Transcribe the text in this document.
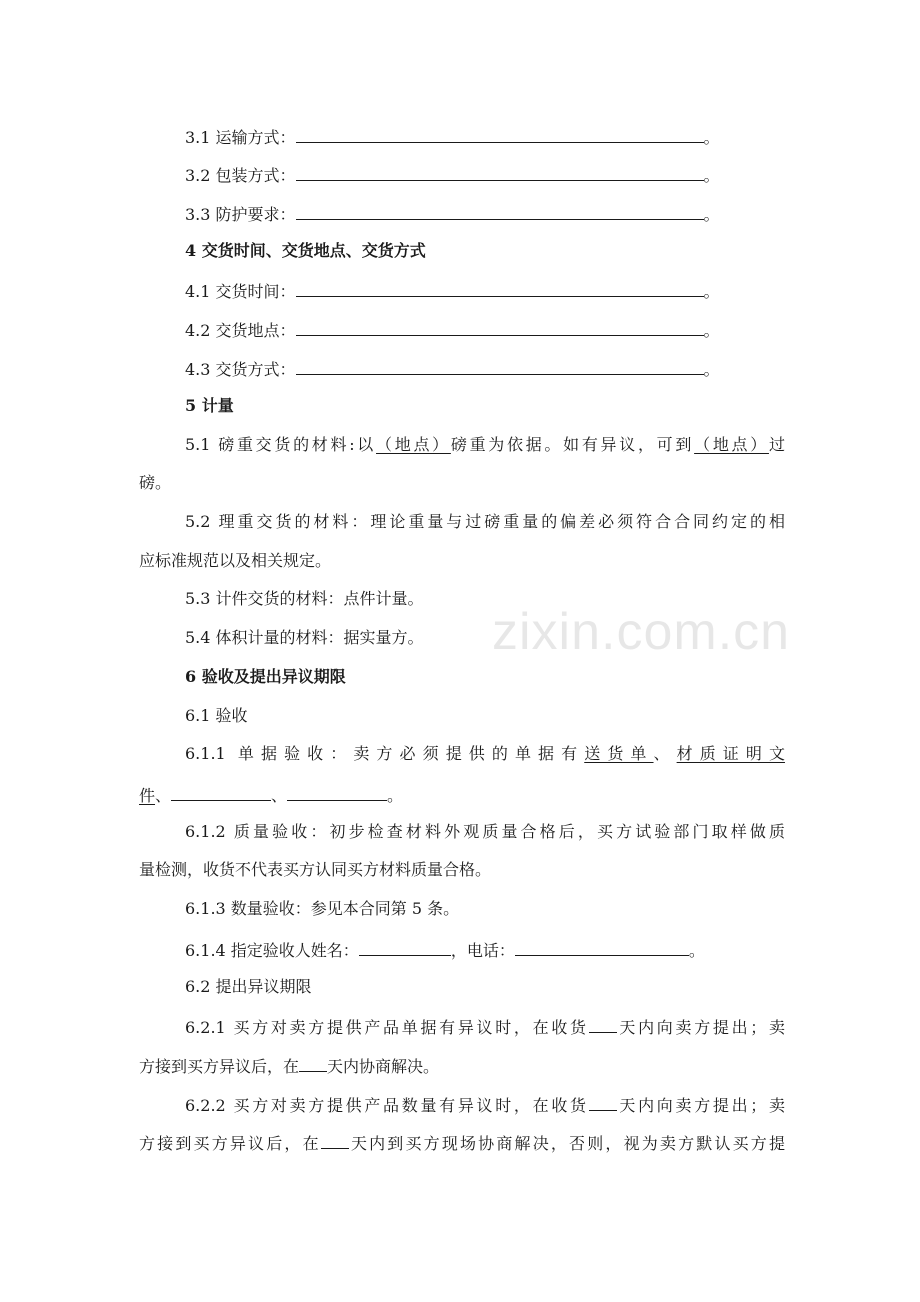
3.1 运输方式：	。
3.2 包装方式：	。
3.3 防护要求：	。
4 交货时间、交货地点、交货方式
4.1 交货时间：	。
4.2 交货地点：	。
4.3 交货方式：	。
5 计量
5.1 磅重交货的材料:以（地点）磅重为依据。如有异议，可到（地点）过
磅。
5.2 理重交货的材料：理论重量与过磅重量的偏差必须符合合同约定的相
应标准规范以及相关规定。
5.3 计件交货的材料：点件计量。
5.4 体积计量的材料：据实量方。
6 验收及提出异议期限
6.1 验收
6.1.1 单据验收：卖方必须提供的单据有送货单、材质证明文
件、	、	。
6.1.2 质量验收：初步检查材料外观质量合格后，买方试验部门取样做质
量检测，收货不代表买方认同买方材料质量合格。
6.1.3 数量验收：参见本合同第 5 条。
6.1.4 指定验收人姓名：	，电话：	。
6.2 提出异议期限
6.2.1 买方对卖方提供产品单据有异议时，在收货 天内向卖方提出；卖
方接到买方异议后，在 天内协商解决。
6.2.2 买方对卖方提供产品数量有异议时，在收货 天内向卖方提出；卖
方接到买方异议后，在 天内到买方现场协商解决，否则，视为卖方默认买方提
zixin.com.cn
